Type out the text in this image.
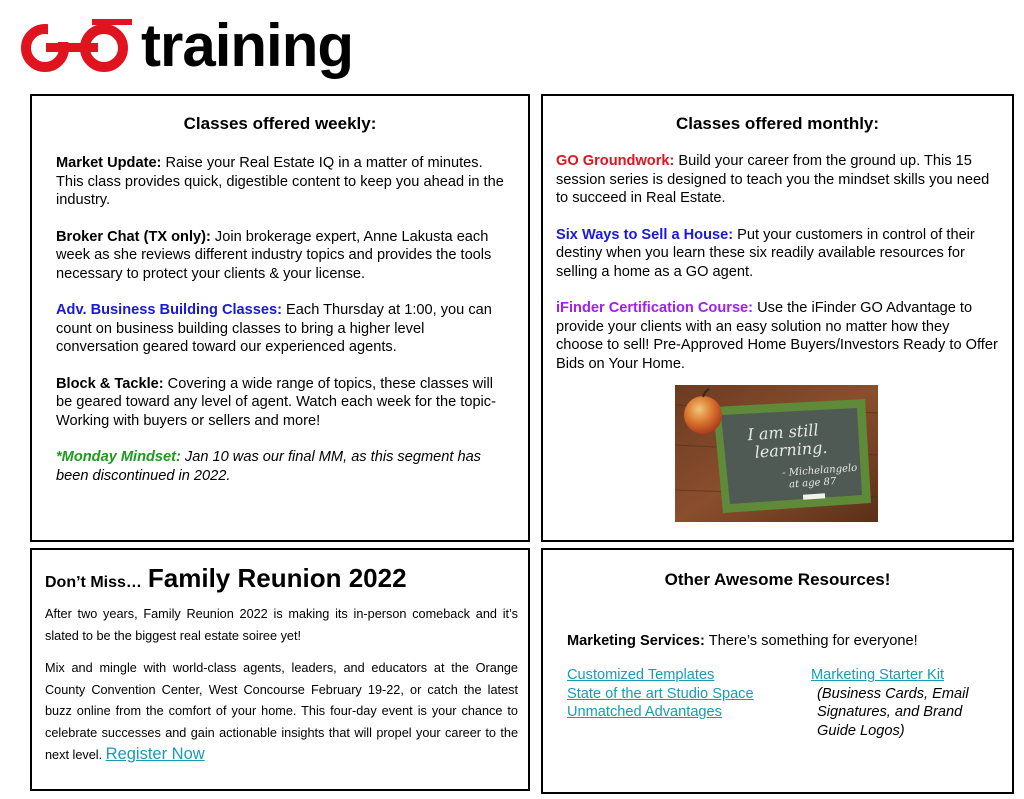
training

Classes offered weekly:

Market Update: Raise your Real Estate IQ in a matter of minutes. This class provides quick, digestible content to keep you ahead in the industry.

Broker Chat (TX only): Join brokerage expert, Anne Lakusta each week as she reviews different industry topics and provides the tools necessary to protect your clients & your license.

Adv. Business Building Classes: Each Thursday at 1:00, you can count on business building classes to bring a higher level conversation geared toward our experienced agents.

Block & Tackle: Covering a wide range of topics, these classes will be geared toward any level of agent. Watch each week for the topic- Working with buyers or sellers and more!

*Monday Mindset: Jan 10 was our final MM, as this segment has been discontinued in 2022.

Classes offered monthly:

GO Groundwork: Build your career from the ground up. This 15 session series is designed to teach you the mindset skills you need to succeed in Real Estate.

Six Ways to Sell a House: Put your customers in control of their destiny when you learn these six readily available resources for selling a home as a GO agent.

iFinder Certification Course: Use the iFinder GO Advantage to provide your clients with an easy solution no matter how they choose to sell! Pre-Approved Home Buyers/Investors Ready to Offer Bids on Your Home.

I am still
learning.
- Michelangelo
at age 87
Don’t Miss… Family Reunion 2022

After two years, Family Reunion 2022 is making its in-person comeback and it’s slated to be the biggest real estate soiree yet!

Mix and mingle with world-class agents, leaders, and educators at the Orange County Convention Center, West Concourse February 19-22, or catch the latest buzz online from the comfort of your home. This four-day event is your chance to celebrate successes and gain actionable insights that will propel your career to the next level. Register Now

Other Awesome Resources!

Marketing Services: There’s something for everyone!

Customized Templates
State of the art Studio Space
Unmatched Advantages
Marketing Starter Kit
(Business Cards, Email Signatures, and Brand Guide Logos)
